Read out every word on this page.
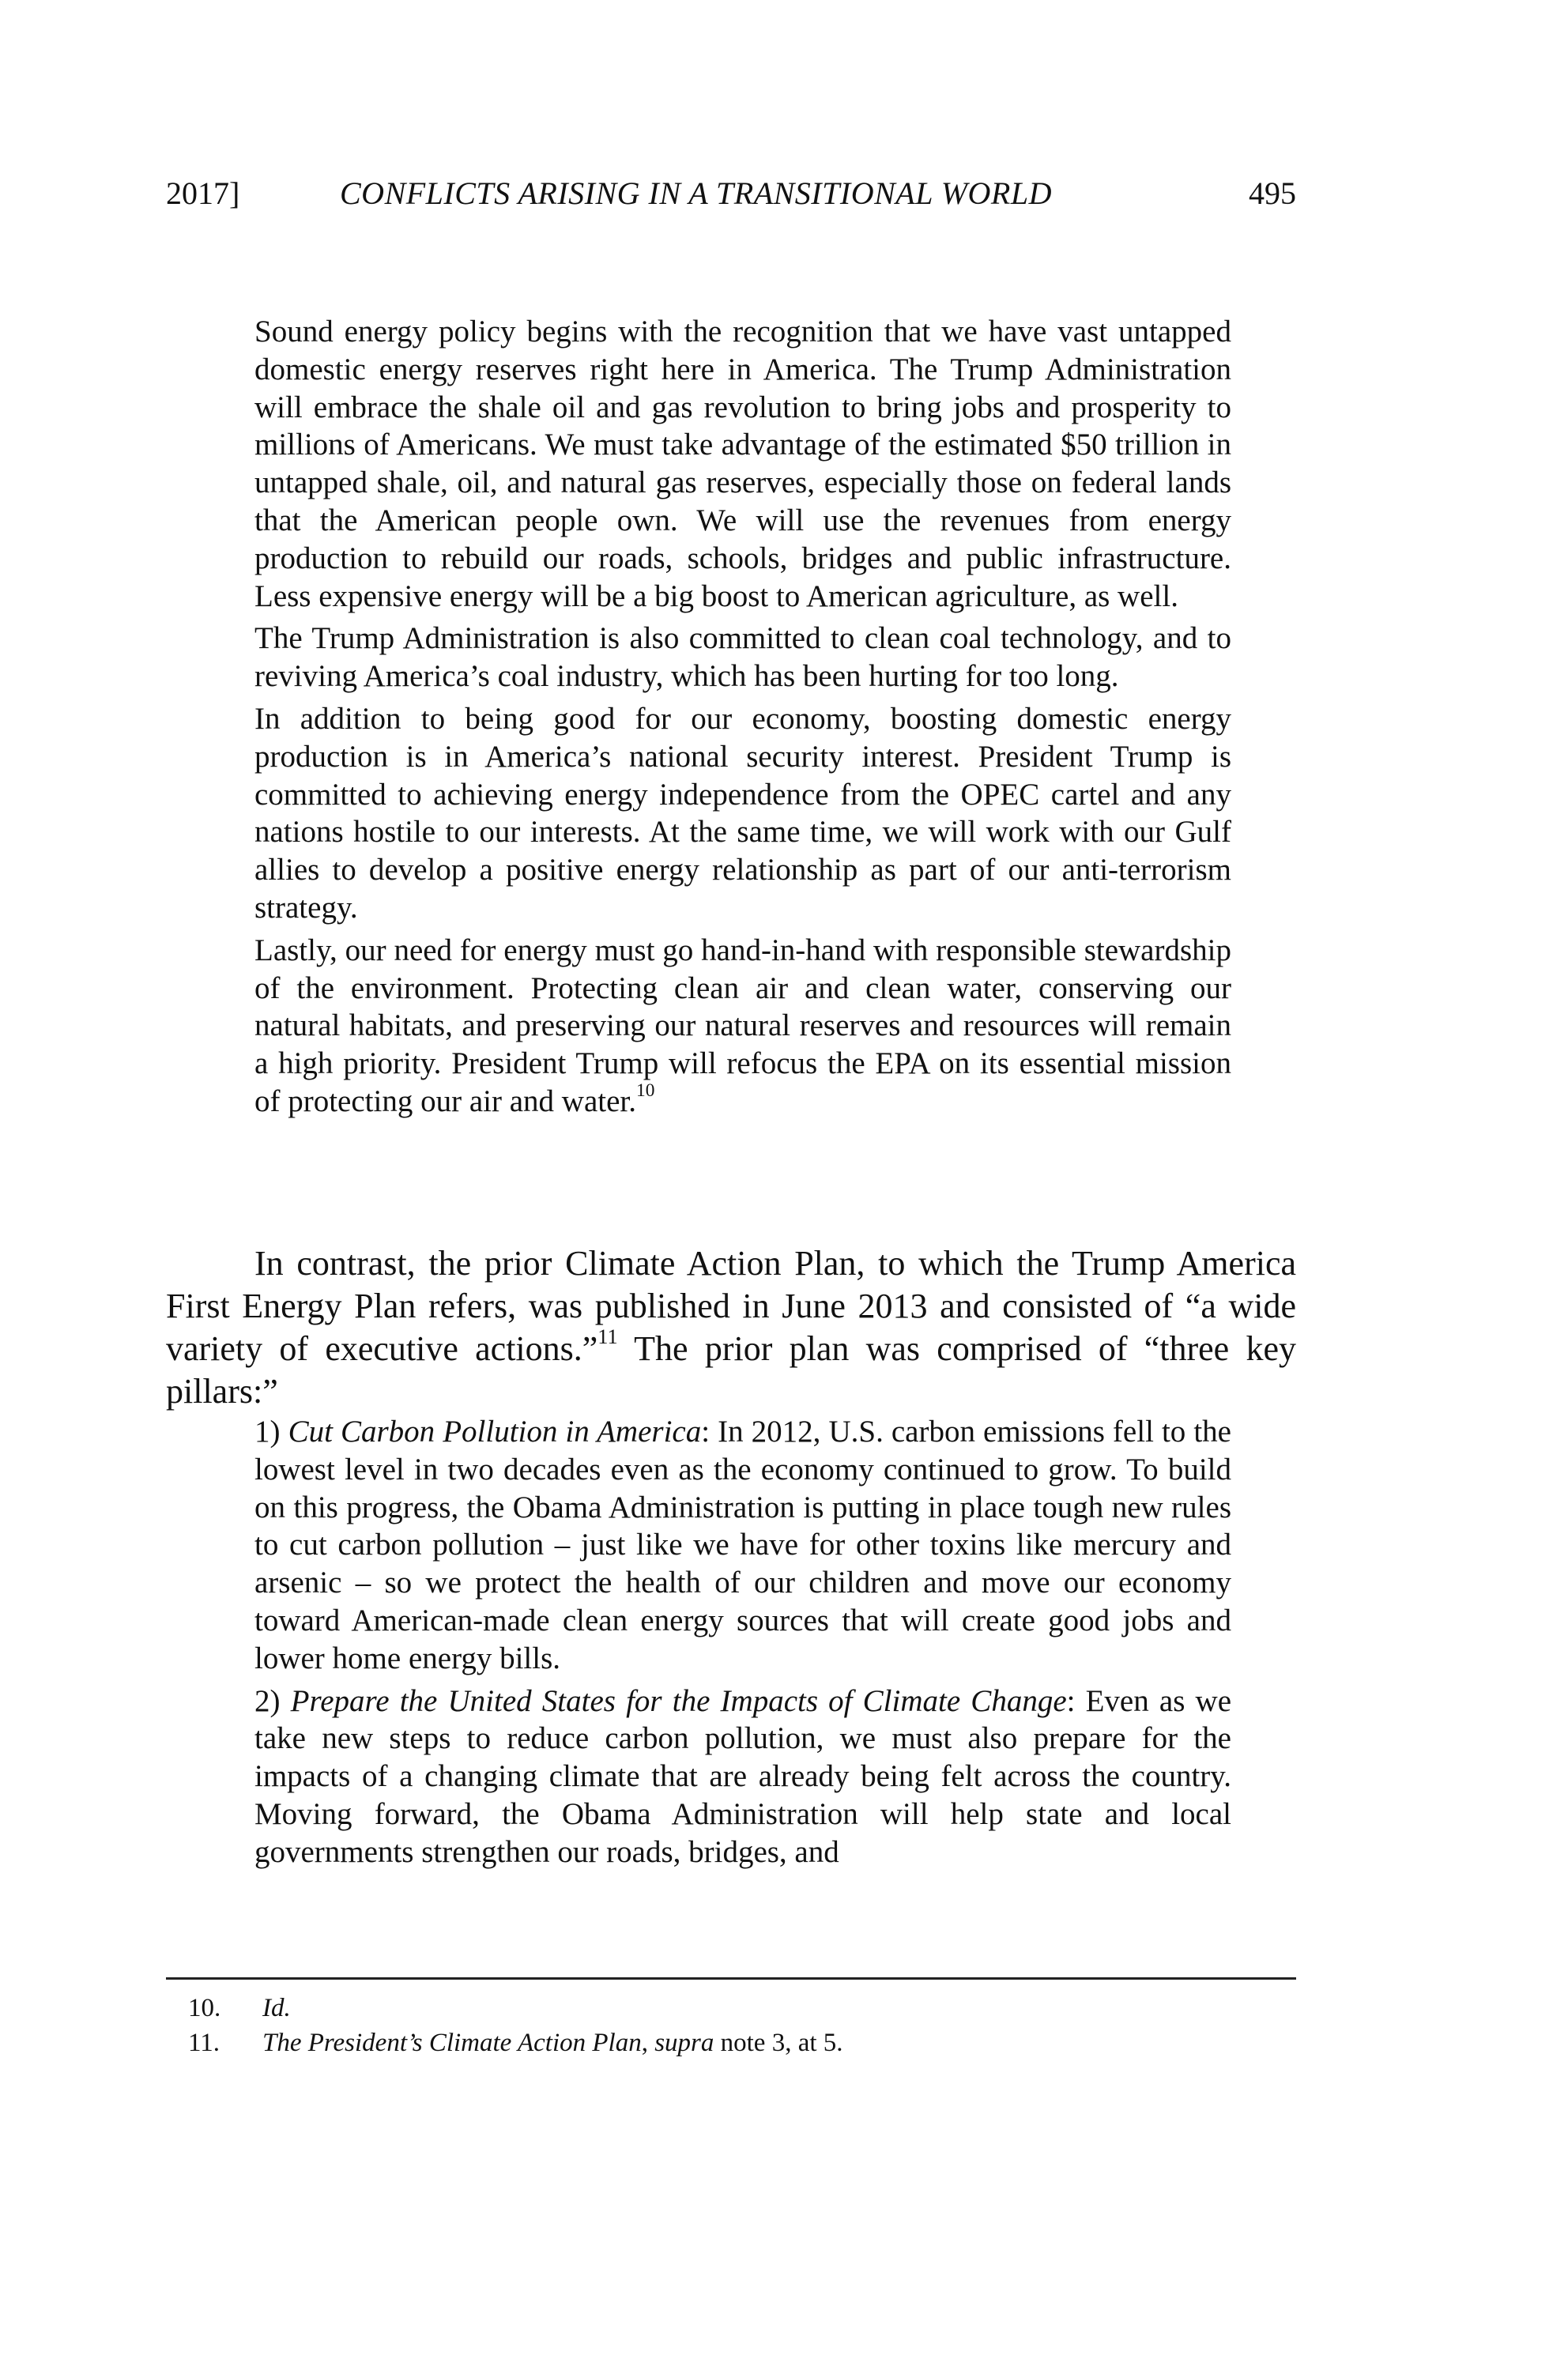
2017]	CONFLICTS ARISING IN A TRANSITIONAL WORLD	495

Sound energy policy begins with the recognition that we have vast untapped domestic energy reserves right here in America. The Trump Administration will embrace the shale oil and gas revolution to bring jobs and prosperity to millions of Americans. We must take advantage of the estimated $50 trillion in untapped shale, oil, and natural gas reserves, especially those on federal lands that the American people own. We will use the revenues from energy production to rebuild our roads, schools, bridges and public infrastructure. Less expensive energy will be a big boost to American agriculture, as well.

The Trump Administration is also committed to clean coal technology, and to reviving America’s coal industry, which has been hurting for too long.

In addition to being good for our economy, boosting domestic energy production is in America’s national security interest. President Trump is committed to achieving energy independence from the OPEC cartel and any nations hostile to our interests. At the same time, we will work with our Gulf allies to develop a positive energy relationship as part of our anti-terrorism strategy.

Lastly, our need for energy must go hand-in-hand with responsible stewardship of the environment. Protecting clean air and clean water, conserving our natural habitats, and preserving our natural reserves and resources will remain a high priority. President Trump will refocus the EPA on its essential mission of protecting our air and water.$^{10}$

In contrast, the prior Climate Action Plan, to which the Trump America First Energy Plan refers, was published in June 2013 and consisted of “a wide variety of executive actions.”$^{11}$ The prior plan was comprised of “three key pillars:”

1) Cut Carbon Pollution in America: In 2012, U.S. carbon emissions fell to the lowest level in two decades even as the economy continued to grow. To build on this progress, the Obama Administration is putting in place tough new rules to cut carbon pollution – just like we have for other toxins like mercury and arsenic – so we protect the health of our children and move our economy toward American-made clean energy sources that will create good jobs and lower home energy bills.

2) Prepare the United States for the Impacts of Climate Change: Even as we take new steps to reduce carbon pollution, we must also prepare for the impacts of a changing climate that are already being felt across the country. Moving forward, the Obama Administration will help state and local governments strengthen our roads, bridges, and

10. Id.
11. The President’s Climate Action Plan, supra note 3, at 5.
